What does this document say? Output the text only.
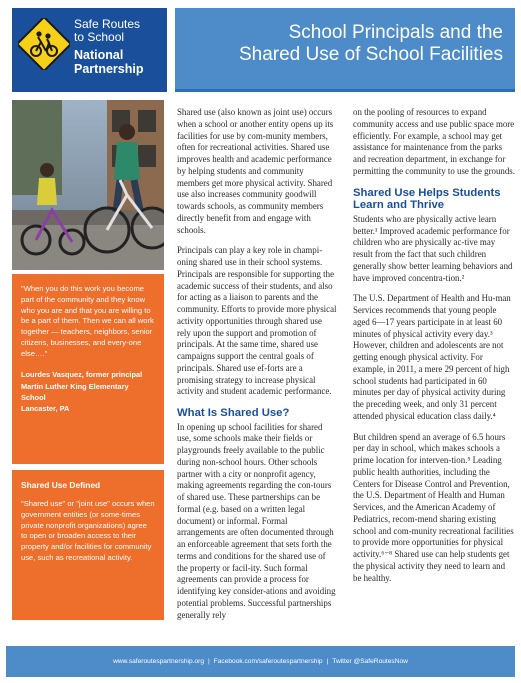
Safe Routes
to School
National
Partnership
School Principals and the
Shared Use of School Facilities

"When you do this work you become part of the community and they know who you are and that you are willing to be a part of them. Then we can all work together — teachers, neighbors, senior citizens, businesses, and every-one else…."

Lourdes Vasquez, former principal
Martin Luther King Elementary School
Lancaster, PA
Shared Use Defined

"Shared use" or "joint use" occurs when government entities (or some-times private nonprofit organizations) agree to open or broaden access to their property and/or facilities for community use, such as recreational activity.

Shared use (also known as joint use) occurs when a school or another entity opens up its facilities for use by com-munity members, often for recreational activities. Shared use improves health and academic performance by helping students and community members get more physical activity. Shared use also increases community goodwill towards schools, as community members directly benefit from and engage with schools.

Principals can play a key role in champi-oning shared use in their school systems. Principals are responsible for supporting the academic success of their students, and also for acting as a liaison to parents and the community. Efforts to provide more physical activity opportunities through shared use rely upon the support and promotion of principals. At the same time, shared use campaigns support the central goals of principals. Shared use ef-forts are a promising strategy to increase physical activity and student academic performance.

What Is Shared Use?

In opening up school facilities for shared use, some schools make their fields or playgrounds freely available to the public during non-school hours. Other schools partner with a city or nonprofit agency, making agreements regarding the con-tours of shared use. These partnerships can be formal (e.g. based on a written legal document) or informal. Formal arrangements are often documented through an enforceable agreement that sets forth the terms and conditions for the shared use of the property or facil-ity. Such formal agreements can provide a process for identifying key consider-ations and avoiding potential problems. Successful partnerships generally rely

on the pooling of resources to expand community access and use public space more efficiently. For example, a school may get assistance for maintenance from the parks and recreation department, in exchange for permitting the community to use the grounds.

Shared Use Helps Students Learn and Thrive

Students who are physically active learn better.¹ Improved academic performance for children who are physically ac-tive may result from the fact that such children generally show better learning behaviors and have improved concentra-tion.²

The U.S. Department of Health and Hu-man Services recommends that young people aged 6—17 years participate in at least 60 minutes of physical activity every day.³ However, children and adolescents are not getting enough physical activity. For example, in 2011, a mere 29 percent of high school students had participated in 60 minutes per day of physical activity during the preceding week, and only 31 percent attended physical education class daily.⁴

But children spend an average of 6.5 hours per day in school, which makes schools a prime location for interven-tion.⁵ Leading public health authorities, including the Centers for Disease Control and Prevention, the U.S. Department of Health and Human Services, and the American Academy of Pediatrics, recom-mend sharing existing school and com-munity recreational facilities to provide more opportunities for physical activity.⁶⁻⁸ Shared use can help students get the physical activity they need to learn and be healthy.

www.saferoutespartnership.org | Facebook.com/saferoutespartnership | Twitter @SafeRoutesNow
